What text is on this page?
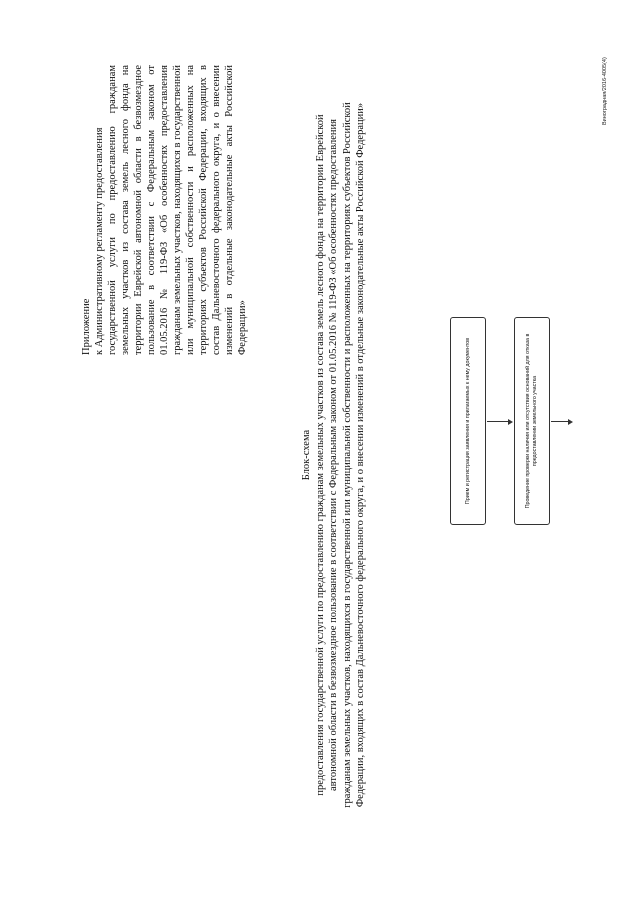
Приложение к Административному регламенту предоставления государственной услуги по предоставлению гражданам земельных участков из состава земель лесного фонда на территории Еврейской автономной области в безвозмездное пользование в соответствии с Федеральным законом от 01.05.2016 № 119-ФЗ «Об особенностях предоставления гражданам земельных участков, находящихся в государственной или муниципальной собственности и расположенных на территориях субъектов Российской Федерации, входящих в состав Дальневосточного федерального округа, и о внесении изменений в отдельные законодательные акты Российской Федерации»
Блок-схема предоставления государственной услуги по предоставлению гражданам земельных участков из состава земель лесного фонда на территории Еврейской автономной области в безвозмездное пользование в соответствии с Федеральным законом от 01.05.2016 № 119-ФЗ «Об особенностях предоставления гражданам земельных участков, находящихся в государственной или муниципальной собственности и расположенных на территориях субъектов Российской Федерации, входящих в состав Дальневосточного федерального округа, и о внесении изменений в отдельные законодательные акты Российской Федерации»	Прием и регистрация заявления и прилагаемых к нему документов	Проведение проверки наличия или отсутствия оснований для отказа в предоставлении земельного участка
Виноградная/2016-4005(4)
